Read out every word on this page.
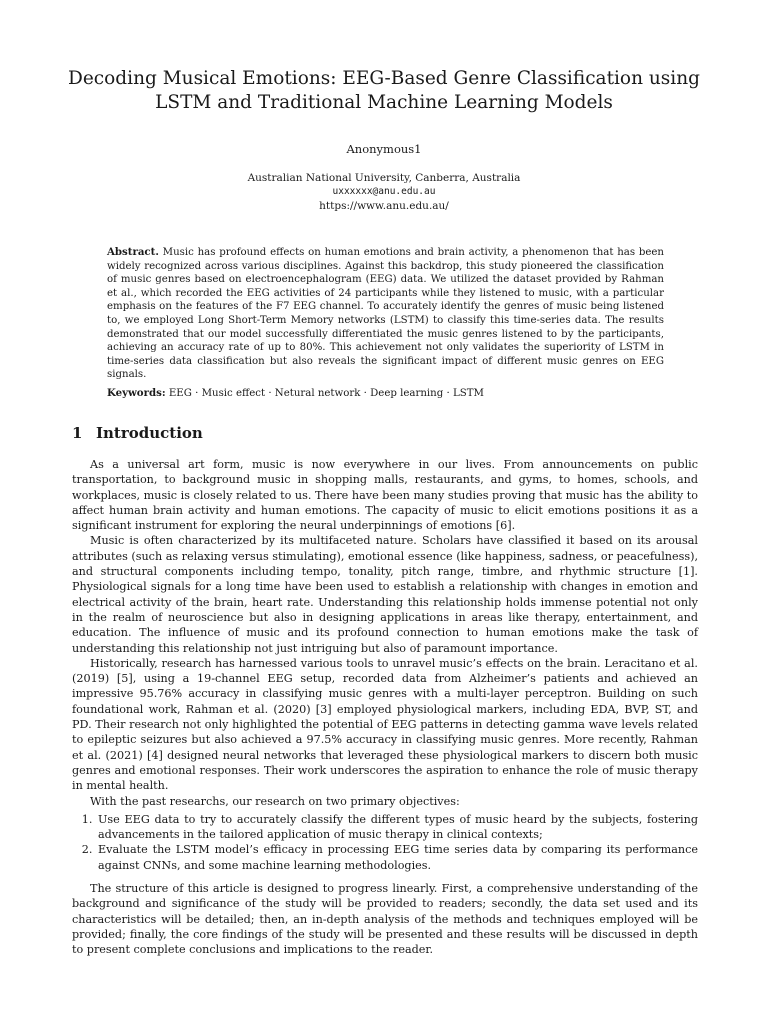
Decoding Musical Emotions: EEG-Based Genre Classification using LSTM and Traditional Machine Learning Models
Anonymous1
Australian National University, Canberra, Australia
uxxxxxx@anu.edu.au
https://www.anu.edu.au/
Abstract. Music has profound effects on human emotions and brain activity, a phenomenon that has been widely recognized across various disciplines. Against this backdrop, this study pioneered the classification of music genres based on electroencephalogram (EEG) data. We utilized the dataset provided by Rahman et al., which recorded the EEG activities of 24 participants while they listened to music, with a particular emphasis on the features of the F7 EEG channel. To accurately identify the genres of music being listened to, we employed Long Short-Term Memory networks (LSTM) to classify this time-series data. The results demonstrated that our model successfully differentiated the music genres listened to by the participants, achieving an accuracy rate of up to 80%. This achievement not only validates the superiority of LSTM in time-series data classification but also reveals the significant impact of different music genres on EEG signals.
Keywords: EEG · Music effect · Netural network · Deep learning · LSTM
1 Introduction

As a universal art form, music is now everywhere in our lives. From announcements on public transportation, to background music in shopping malls, restaurants, and gyms, to homes, schools, and workplaces, music is closely related to us. There have been many studies proving that music has the ability to affect human brain activity and human emotions. The capacity of music to elicit emotions positions it as a significant instrument for exploring the neural underpinnings of emotions [6].

Music is often characterized by its multifaceted nature. Scholars have classified it based on its arousal attributes (such as relaxing versus stimulating), emotional essence (like happiness, sadness, or peacefulness), and structural components including tempo, tonality, pitch range, timbre, and rhythmic structure [1]. Physiological signals for a long time have been used to establish a relationship with changes in emotion and electrical activity of the brain, heart rate. Understanding this relationship holds immense potential not only in the realm of neuroscience but also in designing applications in areas like therapy, entertainment, and education. The influence of music and its profound connection to human emotions make the task of understanding this relationship not just intriguing but also of paramount importance.

Historically, research has harnessed various tools to unravel music’s effects on the brain. Leracitano et al.(2019) [5], using a 19-channel EEG setup, recorded data from Alzheimer’s patients and achieved an impressive 95.76% accuracy in classifying music genres with a multi-layer perceptron. Building on such foundational work, Rahman et al. (2020) [3] employed physiological markers, including EDA, BVP, ST, and PD. Their research not only highlighted the potential of EEG patterns in detecting gamma wave levels related to epileptic seizures but also achieved a 97.5% accuracy in classifying music genres. More recently, Rahman et al. (2021) [4] designed neural networks that leveraged these physiological markers to discern both music genres and emotional responses. Their work underscores the aspiration to enhance the role of music therapy in mental health.

With the past researchs, our research on two primary objectives:

1. Use EEG data to try to accurately classify the different types of music heard by the subjects, fostering advancements in the tailored application of music therapy in clinical contexts;
2. Evaluate the LSTM model’s efficacy in processing EEG time series data by comparing its performance against CNNs, and some machine learning methodologies.

The structure of this article is designed to progress linearly. First, a comprehensive understanding of the background and significance of the study will be provided to readers; secondly, the data set used and its characteristics will be detailed; then, an in-depth analysis of the methods and techniques employed will be provided; finally, the core findings of the study will be presented and these results will be discussed in depth to present complete conclusions and implications to the reader.
